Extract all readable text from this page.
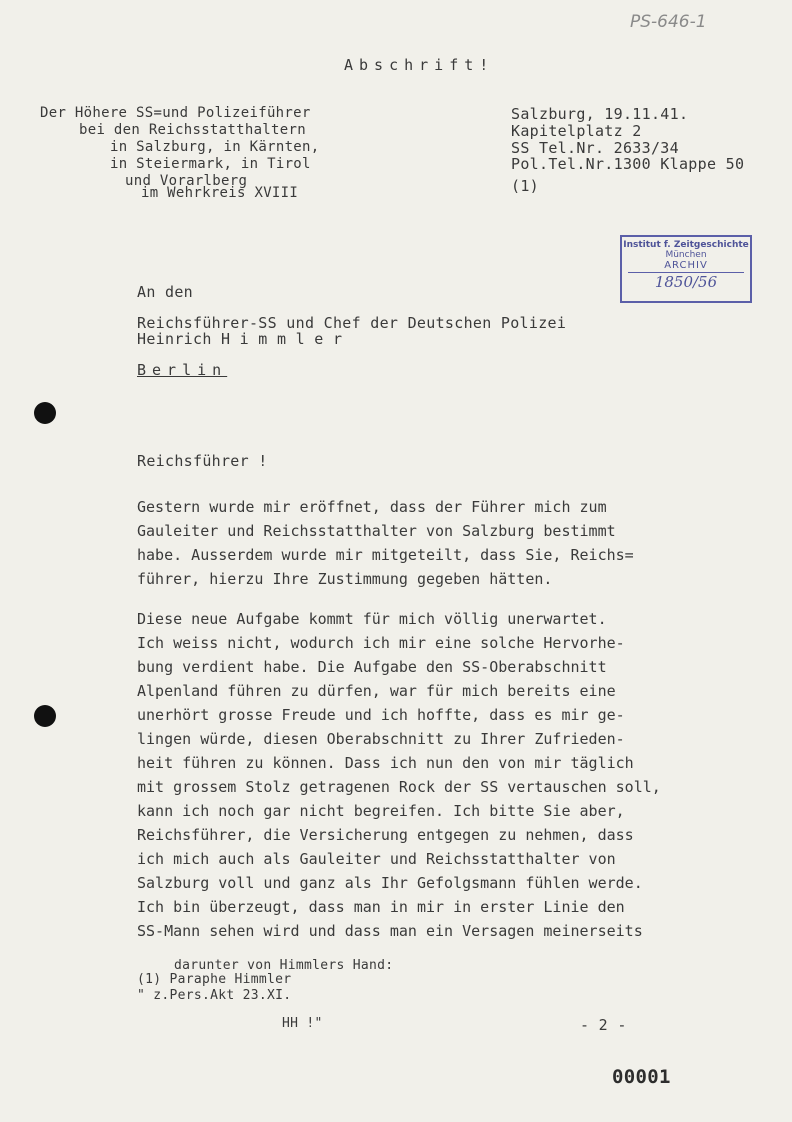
PS-646-1
Abschrift!
Der Höhere SS=und Polizeiführer
bei den Reichsstatthaltern
in Salzburg, in Kärnten,
in Steiermark, in Tirol
und Vorarlberg
im Wehrkreis XVIII
Salzburg, 19.11.41.
Kapitelplatz 2
SS Tel.Nr. 2633/34
Pol.Tel.Nr.1300 Klappe 50
(1)
Institut f. Zeitgeschichte
München
ARCHIV
1850/56
An den
Reichsführer-SS und Chef der Deutschen Polizei
Heinrich H i m m l e r
Berlin
Reichsführer !
Gestern wurde mir eröffnet, dass der Führer mich zum
Gauleiter und Reichsstatthalter von Salzburg bestimmt
habe. Ausserdem wurde mir mitgeteilt, dass Sie, Reichs=
führer, hierzu Ihre Zustimmung gegeben hätten.
Diese neue Aufgabe kommt für mich völlig unerwartet.
Ich weiss nicht, wodurch ich mir eine solche Hervorhe-
bung verdient habe. Die Aufgabe den SS-Oberabschnitt
Alpenland führen zu dürfen, war für mich bereits eine
unerhört grosse Freude und ich hoffte, dass es mir ge-
lingen würde, diesen Oberabschnitt zu Ihrer Zufrieden-
heit führen zu können. Dass ich nun den von mir täglich
mit grossem Stolz getragenen Rock der SS vertauschen soll,
kann ich noch gar nicht begreifen. Ich bitte Sie aber,
Reichsführer, die Versicherung entgegen zu nehmen, dass
ich mich auch als Gauleiter und Reichsstatthalter von
Salzburg voll und ganz als Ihr Gefolgsmann fühlen werde.
Ich bin überzeugt, dass man in mir in erster Linie den
SS-Mann sehen wird und dass man ein Versagen meinerseits
darunter von Himmlers Hand:
(1) Paraphe Himmler
" z.Pers.Akt 23.XI.
HH !"	- 2 -
00001
